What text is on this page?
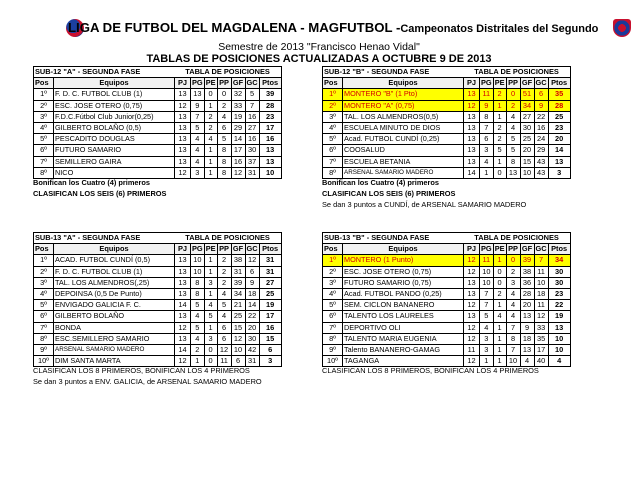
LIGA DE FUTBOL DEL MAGDALENA - MAGFUTBOL -Campeonatos Distritales del Segundo
Semestre de 2013 "Francisco Henao Vidal"
TABLAS DE POSICIONES ACTUALIZADAS A OCTUBRE 9 DE 2013
SUB-12 "A" - SEGUNDA FASE		TABLA DE POSICIONES						
Pos	Equipos	PJ	PG	PE	PP	GF	GC	Ptos
1º	F. D. C. FUTBOL CLUB (1)	13	13	0	0	32	5	39
2º	ESC. JOSE OTERO (0,75)	12	9	1	2	33	7	28
3º	F.D.C.Fútbol Club Junior(0,25)	13	7	2	4	19	16	23
4º	GILBERTO BOLAÑO (0,5)	13	5	2	6	29	27	17
5º	PESCADITO DOUGLAS	13	4	4	5	14	16	16
6º	FUTURO SAMARIO	13	4	1	8	17	30	13
7º	SEMILLERO GAIRA	13	4	1	8	16	37	13
8º	NICO	12	3	1	8	12	31	10
Bonifican los Cuatro (4) primeros
CLASIFICAN LOS SEIS (6) PRIMEROS
SUB-12 "B" - SEGUNDA FASE		TABLA DE POSICIONES						
Pos	Equipos	PJ	PG	PE	PP	GF	GC	Ptos
1º	MONTERO "B" (1 Pto)	13	11	2	0	51	6	35
2º	MONTERO "A" (0,75)	12	9	1	2	34	9	28
3º	TAL. LOS ALMENDROS(0,5)	13	8	1	4	27	22	25
4º	ESCUELA MINUTO DE DIOS	13	7	2	4	30	16	23
5º	Acad. FUTBOL CUNDÍ (0,25)	13	6	2	5	25	24	20
6º	COOSALUD	13	3	5	5	20	29	14
7º	ESCUELA BETANIA	13	4	1	8	15	43	13
8º	ARSENAL SAMARIO MADERO	14	1	0	13	10	43	3
Bonifican los Cuatro (4) primeros
CLASIFICAN LOS SEIS (6) PRIMEROS
Se dan 3 puntos a CUNDÍ, de ARSENAL SAMARIO MADERO
SUB-13 "A" - SEGUNDA FASE		TABLA DE POSICIONES						
Pos	Equipos	PJ	PG	PE	PP	GF	GC	Ptos
1º	ACAD. FUTBOL CUNDÍ (0,5)	13	10	1	2	38	12	31
2º	F. D. C. FUTBOL CLUB (1)	13	10	1	2	31	6	31
3º	TAL. LOS ALMENDROS(,25)	13	8	3	2	39	9	27
4º	DEPOINSA (0,5 De Punto)	13	8	1	4	34	18	25
5º	ENVIGADO GALICIA F. C.	14	5	4	5	21	14	19
6º	GILBERTO BOLAÑO	13	4	5	4	25	22	17
7º	BONDA	12	5	1	6	15	20	16
8º	ESC.SEMILLERO SAMARIO	13	4	3	6	12	30	15
9º	ARSENAL SAMARIO MADERO	14	2	0	12	10	42	6
10º	DIM SANTA MARTA	12	1	0	11	6	31	3
CLASIFICAN LOS 8 PRIMEROS, BONIFICAN LOS 4 PRIMEROS
Se dan 3 puntos a ENV. GALICIA, de ARSENAL SAMARIO MADERO
SUB-13 "B" - SEGUNDA FASE		TABLA DE POSICIONES						
Pos	Equipos	PJ	PG	PE	PP	GF	GC	Ptos
1º	MONTERO (1 Punto)	12	11	1	0	39	7	34
2º	ESC. JOSE OTERO (0,75)	12	10	0	2	38	11	30
3º	FUTURO SAMARIO (0,75)	13	10	0	3	36	10	30
4º	Acad. FUTBOL PANDO (0,25)	13	7	2	4	28	18	23
5º	SEM. CICLON BANANERO	12	7	1	4	20	11	22
6º	TALENTO LOS LAURELES	13	5	4	4	13	12	19
7º	DEPORTIVO OLI	12	4	1	7	9	33	13
8º	TALENTO MARIA EUGENIA	12	3	1	8	18	35	10
9º	Talento BANANERO-GAMAG	11	3	1	7	13	17	10
10º	TAGANGA	12	1	1	10	4	40	4
CLASIFICAN LOS 8 PRIMEROS, BONIFICAN LOS 4 PRIMEROS
